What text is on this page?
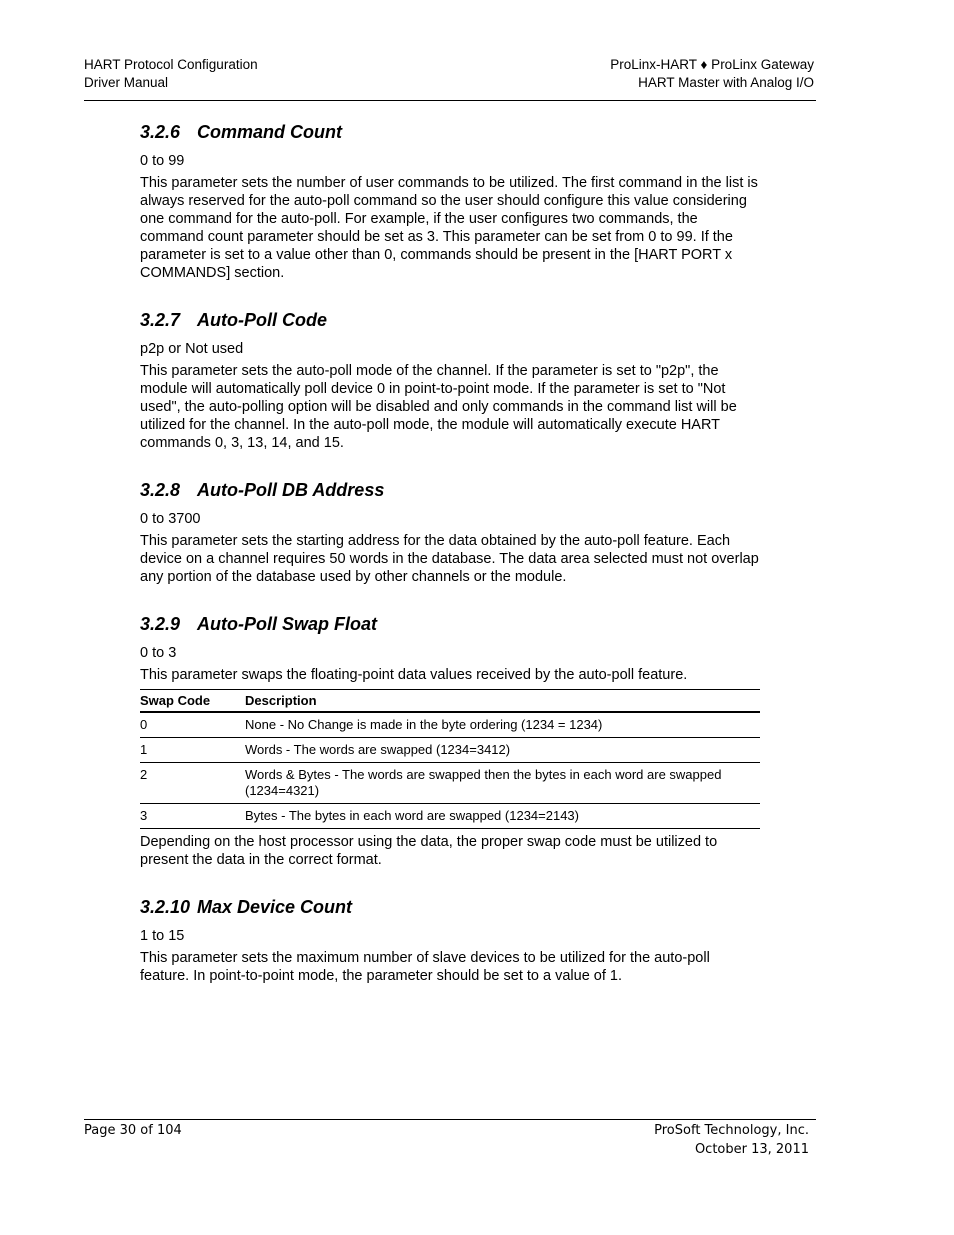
HART Protocol Configuration
Driver Manual
ProLinx-HART ♦ ProLinx Gateway
HART Master with Analog I/O
3.2.6 Command Count
0 to 99
This parameter sets the number of user commands to be utilized. The first command in the list is always reserved for the auto-poll command so the user should configure this value considering one command for the auto-poll. For example, if the user configures two commands, the command count parameter should be set as 3. This parameter can be set from 0 to 99. If the parameter is set to a value other than 0, commands should be present in the [HART PORT x COMMANDS] section.
3.2.7 Auto-Poll Code
p2p or Not used
This parameter sets the auto-poll mode of the channel. If the parameter is set to "p2p", the module will automatically poll device 0 in point-to-point mode. If the parameter is set to "Not used", the auto-polling option will be disabled and only commands in the command list will be utilized for the channel. In the auto-poll mode, the module will automatically execute HART commands 0, 3, 13, 14, and 15.
3.2.8 Auto-Poll DB Address
0 to 3700
This parameter sets the starting address for the data obtained by the auto-poll feature. Each device on a channel requires 50 words in the database. The data area selected must not overlap any portion of the database used by other channels or the module.
3.2.9 Auto-Poll Swap Float
0 to 3
This parameter swaps the floating-point data values received by the auto-poll feature.
Swap Code	Description
0	None - No Change is made in the byte ordering (1234 = 1234)
1	Words - The words are swapped (1234=3412)
2	Words & Bytes - The words are swapped then the bytes in each word are swapped (1234=4321)
3	Bytes - The bytes in each word are swapped (1234=2143)
Depending on the host processor using the data, the proper swap code must be utilized to present the data in the correct format.
3.2.10 Max Device Count
1 to 15
This parameter sets the maximum number of slave devices to be utilized for the auto-poll feature. In point-to-point mode, the parameter should be set to a value of 1.
Page 30 of 104	ProSoft Technology, Inc.
October 13, 2011
